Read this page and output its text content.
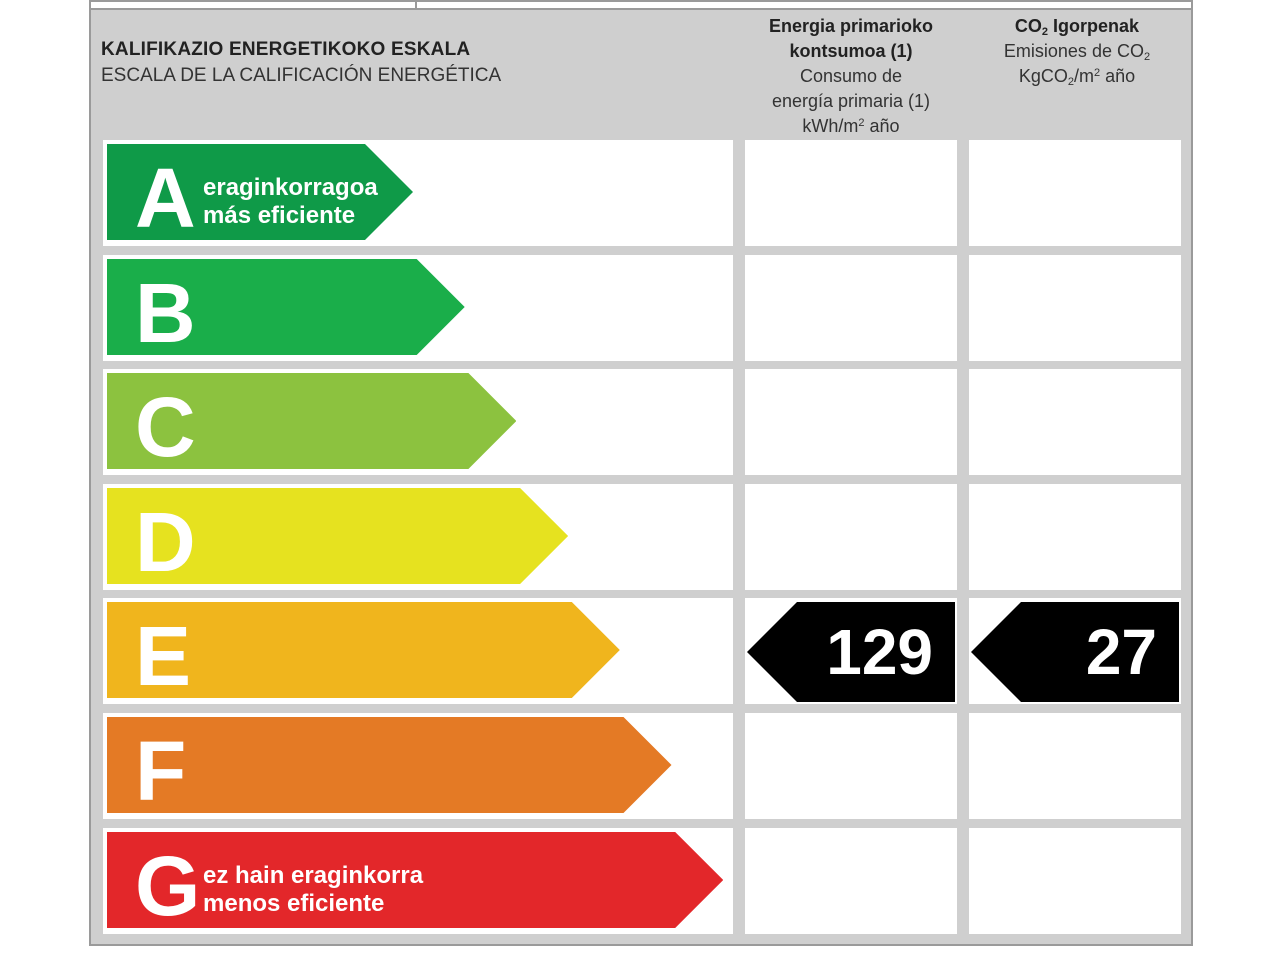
KALIFIKAZIO ENERGETIKOKO ESKALA
ESCALA DE LA CALIFICACIÓN ENERGÉTICA
Energia primarioko
kontsumoa (1)
Consumo de
energía primaria (1)
kWh/$m^2$ año
$CO_2$ Igorpenak
Emisiones de $CO_2$
$KgCO_2/m^2$ año
A eraginkorragoa
más eficiente
B
C
D
E	129 27
F
G ez hain eraginkorra
menos eficiente
